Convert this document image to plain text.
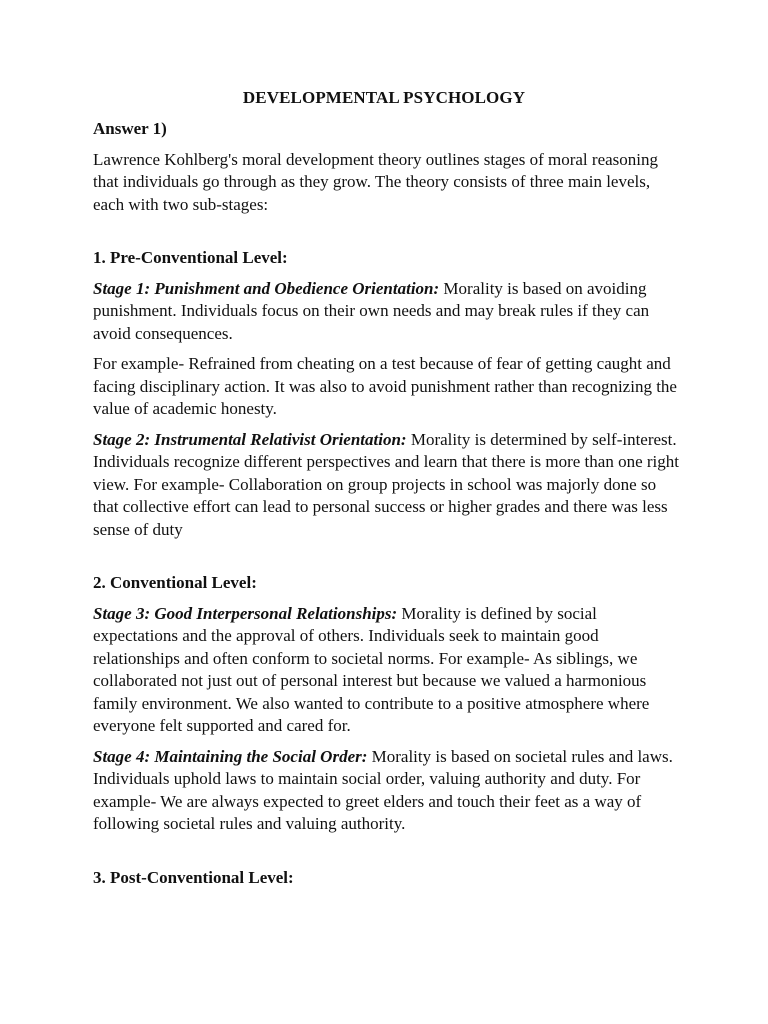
DEVELOPMENTAL PSYCHOLOGY

Answer 1)

Lawrence Kohlberg's moral development theory outlines stages of moral reasoning that individuals go through as they grow. The theory consists of three main levels, each with two sub-stages:

1. Pre-Conventional Level:

Stage 1: Punishment and Obedience Orientation: Morality is based on avoiding punishment. Individuals focus on their own needs and may break rules if they can avoid consequences.

For example- Refrained from cheating on a test because of fear of getting caught and facing disciplinary action. It was also to avoid punishment rather than recognizing the value of academic honesty.

Stage 2: Instrumental Relativist Orientation: Morality is determined by self-interest. Individuals recognize different perspectives and learn that there is more than one right view. For example- Collaboration on group projects in school was majorly done so that collective effort can lead to personal success or higher grades and there was less sense of duty

2. Conventional Level:

Stage 3: Good Interpersonal Relationships: Morality is defined by social expectations and the approval of others. Individuals seek to maintain good relationships and often conform to societal norms. For example- As siblings, we collaborated not just out of personal interest but because we valued a harmonious family environment. We also wanted to contribute to a positive atmosphere where everyone felt supported and cared for.

Stage 4: Maintaining the Social Order: Morality is based on societal rules and laws. Individuals uphold laws to maintain social order, valuing authority and duty. For example- We are always expected to greet elders and touch their feet as a way of following societal rules and valuing authority.

3. Post-Conventional Level:
